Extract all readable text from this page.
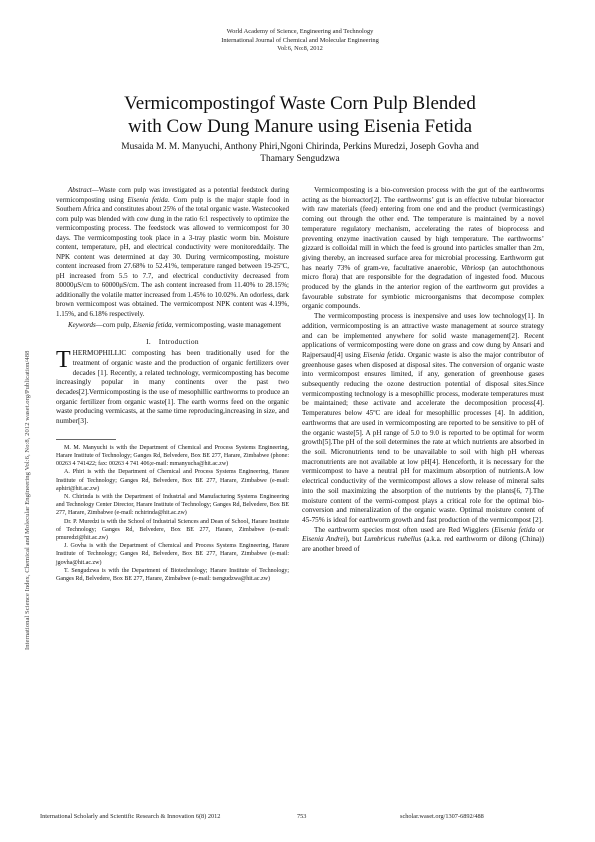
International Science Index, Chemical and Molecular Engineering Vol:6, No:8, 2012 waset.org/Publication/488
World Academy of Science, Engineering and Technology
International Journal of Chemical and Molecular Engineering
Vol:6, No:8, 2012
Vermicompostingof Waste Corn Pulp Blended
with Cow Dung Manure using Eisenia Fetida
Musaida M. M. Manyuchi, Anthony Phiri,Ngoni Chirinda, Perkins Muredzi, Joseph Govha and
Thamary Sengudzwa

Abstract—Waste corn pulp was investigated as a potential feedstock during vermicomposting using Eisenia fetida. Corn pulp is the major staple food in Southern Africa and constitutes about 25% of the total organic waste. Wastecooked corn pulp was blended with cow dung in the ratio 6:1 respectively to optimize the vermicomposting process. The feedstock was allowed to vermicompost for 30 days. The vermicomposting took place in a 3-tray plastic worm bin. Moisture content, temperature, pH, and electrical conductivity were monitoreddaily. The NPK content was determined at day 30. During vermicomposting, moisture content increased from 27.68% to 52.41%, temperature ranged between 19-25ºC, pH increased from 5.5 to 7.7, and electrical conductivity decreased from 80000μS/cm to 60000μS/cm. The ash content increased from 11.40% to 28.15%; additionally the volatile matter increased from 1.45% to 10.02%. An odorless, dark brown vermicompost was obtained. The vermicompost NPK content was 4.19%, 1.15%, and 6.18% respectively.

Keywords—corn pulp, Eisenia fetida, vermicomposting, waste management

I. Introduction

THERMOPHILLIC composting has been traditionally used for the treatment of organic waste and the production of organic fertilizers over decades [1]. Recently, a related technology, vermicomposting has become increasingly popular in many continents over the past two decades[2].Vermicomposting is the use of mesophillic earthworms to produce an organic fertilizer from organic waste[1]. The earth worms feed on the organic waste producing vermicasts, at the same time reproducing,increasing in size, and number[3].

M. M. Manyuchi is with the Department of Chemical and Process Systems Engineering, Harare Institute of Technology; Ganges Rd, Belvedere, Box BE 277, Harare, Zimbabwe (phone: 00263 4 741422; fax: 00263 4 741 406;e-mail: mmanyucha@hit.ac.zw)

A. Phiri is with the Department of Chemical and Process Systems Engineering, Harare Institute of Technology; Ganges Rd, Belvedere, Box BE 277, Harare, Zimbabwe (e-mail: aphiri@hit.ac.zw)

N. Chirinda is with the Department of Industrial and Manufacturing Systems Engineering and Technology Center Director, Harare Institute of Technology; Ganges Rd, Belvedere, Box BE 277, Harare, Zimbabwe (e-mail: nchirinda@hit.ac.zw)

Dr. P. Muredzi is with the School of Industrial Sciences and Dean of School, Harare Institute of Technology; Ganges Rd, Belvedere, Box BE 277, Harare, Zimbabwe (e-mail: pmuredzi@hit.ac.zw)

J. Govha is with the Department of Chemical and Process Systems Engineering, Harare Institute of Technology; Ganges Rd, Belvedere, Box BE 277, Harare, Zimbabwe (e-mail: jgovha@hit.ac.zw)

T. Sengudzwa is with the Department of Biotechnology; Harare Institute of Technology; Ganges Rd, Belvedere, Box BE 277, Harare, Zimbabwe (e-mail: tsengudzwa@hit.ac.zw)

Vermicomposting is a bio-conversion process with the gut of the earthworms acting as the bioreactor[2]. The earthworms’ gut is an effective tubular bioreactor with raw materials (feed) entering from one end and the product (vermicastings) coming out through the other end. The temperature is maintained by a novel temperature regulatory mechanism, accelerating the rates of bioprocess and preventing enzyme inactivation caused by high temperature. The earthworms’ gizzard is colloidal mill in which the feed is ground into particles smaller than 2m, giving thereby, an increased surface area for microbial processing. Earthworm gut has nearly 73% of gram-ve, facultative anaerobic, Vibriosp (an autochthonous micro flora) that are responsible for the degradation of ingested food. Mucous produced by the glands in the anterior region of the earthworm gut provides a favourable substrate for symbiotic microorganisms that decompose complex organic compounds.

The vermicomposting process is inexpensive and uses low technology[1]. In addition, vermicomposting is an attractive waste management at source strategy and can be implemented anywhere for solid waste management[2]. Recent applications of vermicomposting were done on grass and cow dung by Ansari and Rajpersaud[4] using Eisenia fetida. Organic waste is also the major contributor of greenhouse gases when disposed at disposal sites. The conversion of organic waste into vermicompost ensures limited, if any, generation of greenhouse gases subsequently reducing the ozone destruction potential of disposal sites.Since vermicomposting technology is a mesophillic process, moderate temperatures must be maintained; these activate and accelerate the decomposition process[4]. Temperatures below 45ºC are ideal for mesophillic processes [4]. In addition, earthworms that are used in vermicomposting are reported to be sensitive to pH of the organic waste[5]. A pH range of 5.0 to 9.0 is reported to be optimal for worm growth[5].The pH of the soil determines the rate at which nutrients are absorbed in the soil. Micronutrients tend to be unavailable to soil with high pH whereas macronutrients are not available at low pH[4]. Henceforth, it is necessary for the vermicompost to have a neutral pH for maximum absorption of nutrients.A low electrical conductivity of the vermicompost allows a slow release of mineral salts into the soil maximizing the absorption of the nutrients by the plants[6, 7].The moisture content of the vermi-compost plays a critical role for the optimal bio-conversion and mineralization of the organic waste. Optimal moisture content of 45-75% is ideal for earthworm growth and fast production of the vermicompost [2].

The earthworm species most often used are Red Wigglers (Eisenia fetida or Eisenia Andrei), but Lumbricus rubellus (a.k.a. red earthworm or dilong (China)) are another breed of

International Scholarly and Scientific Research & Innovation 6(8) 2012	753	scholar.waset.org/1307-6892/488
